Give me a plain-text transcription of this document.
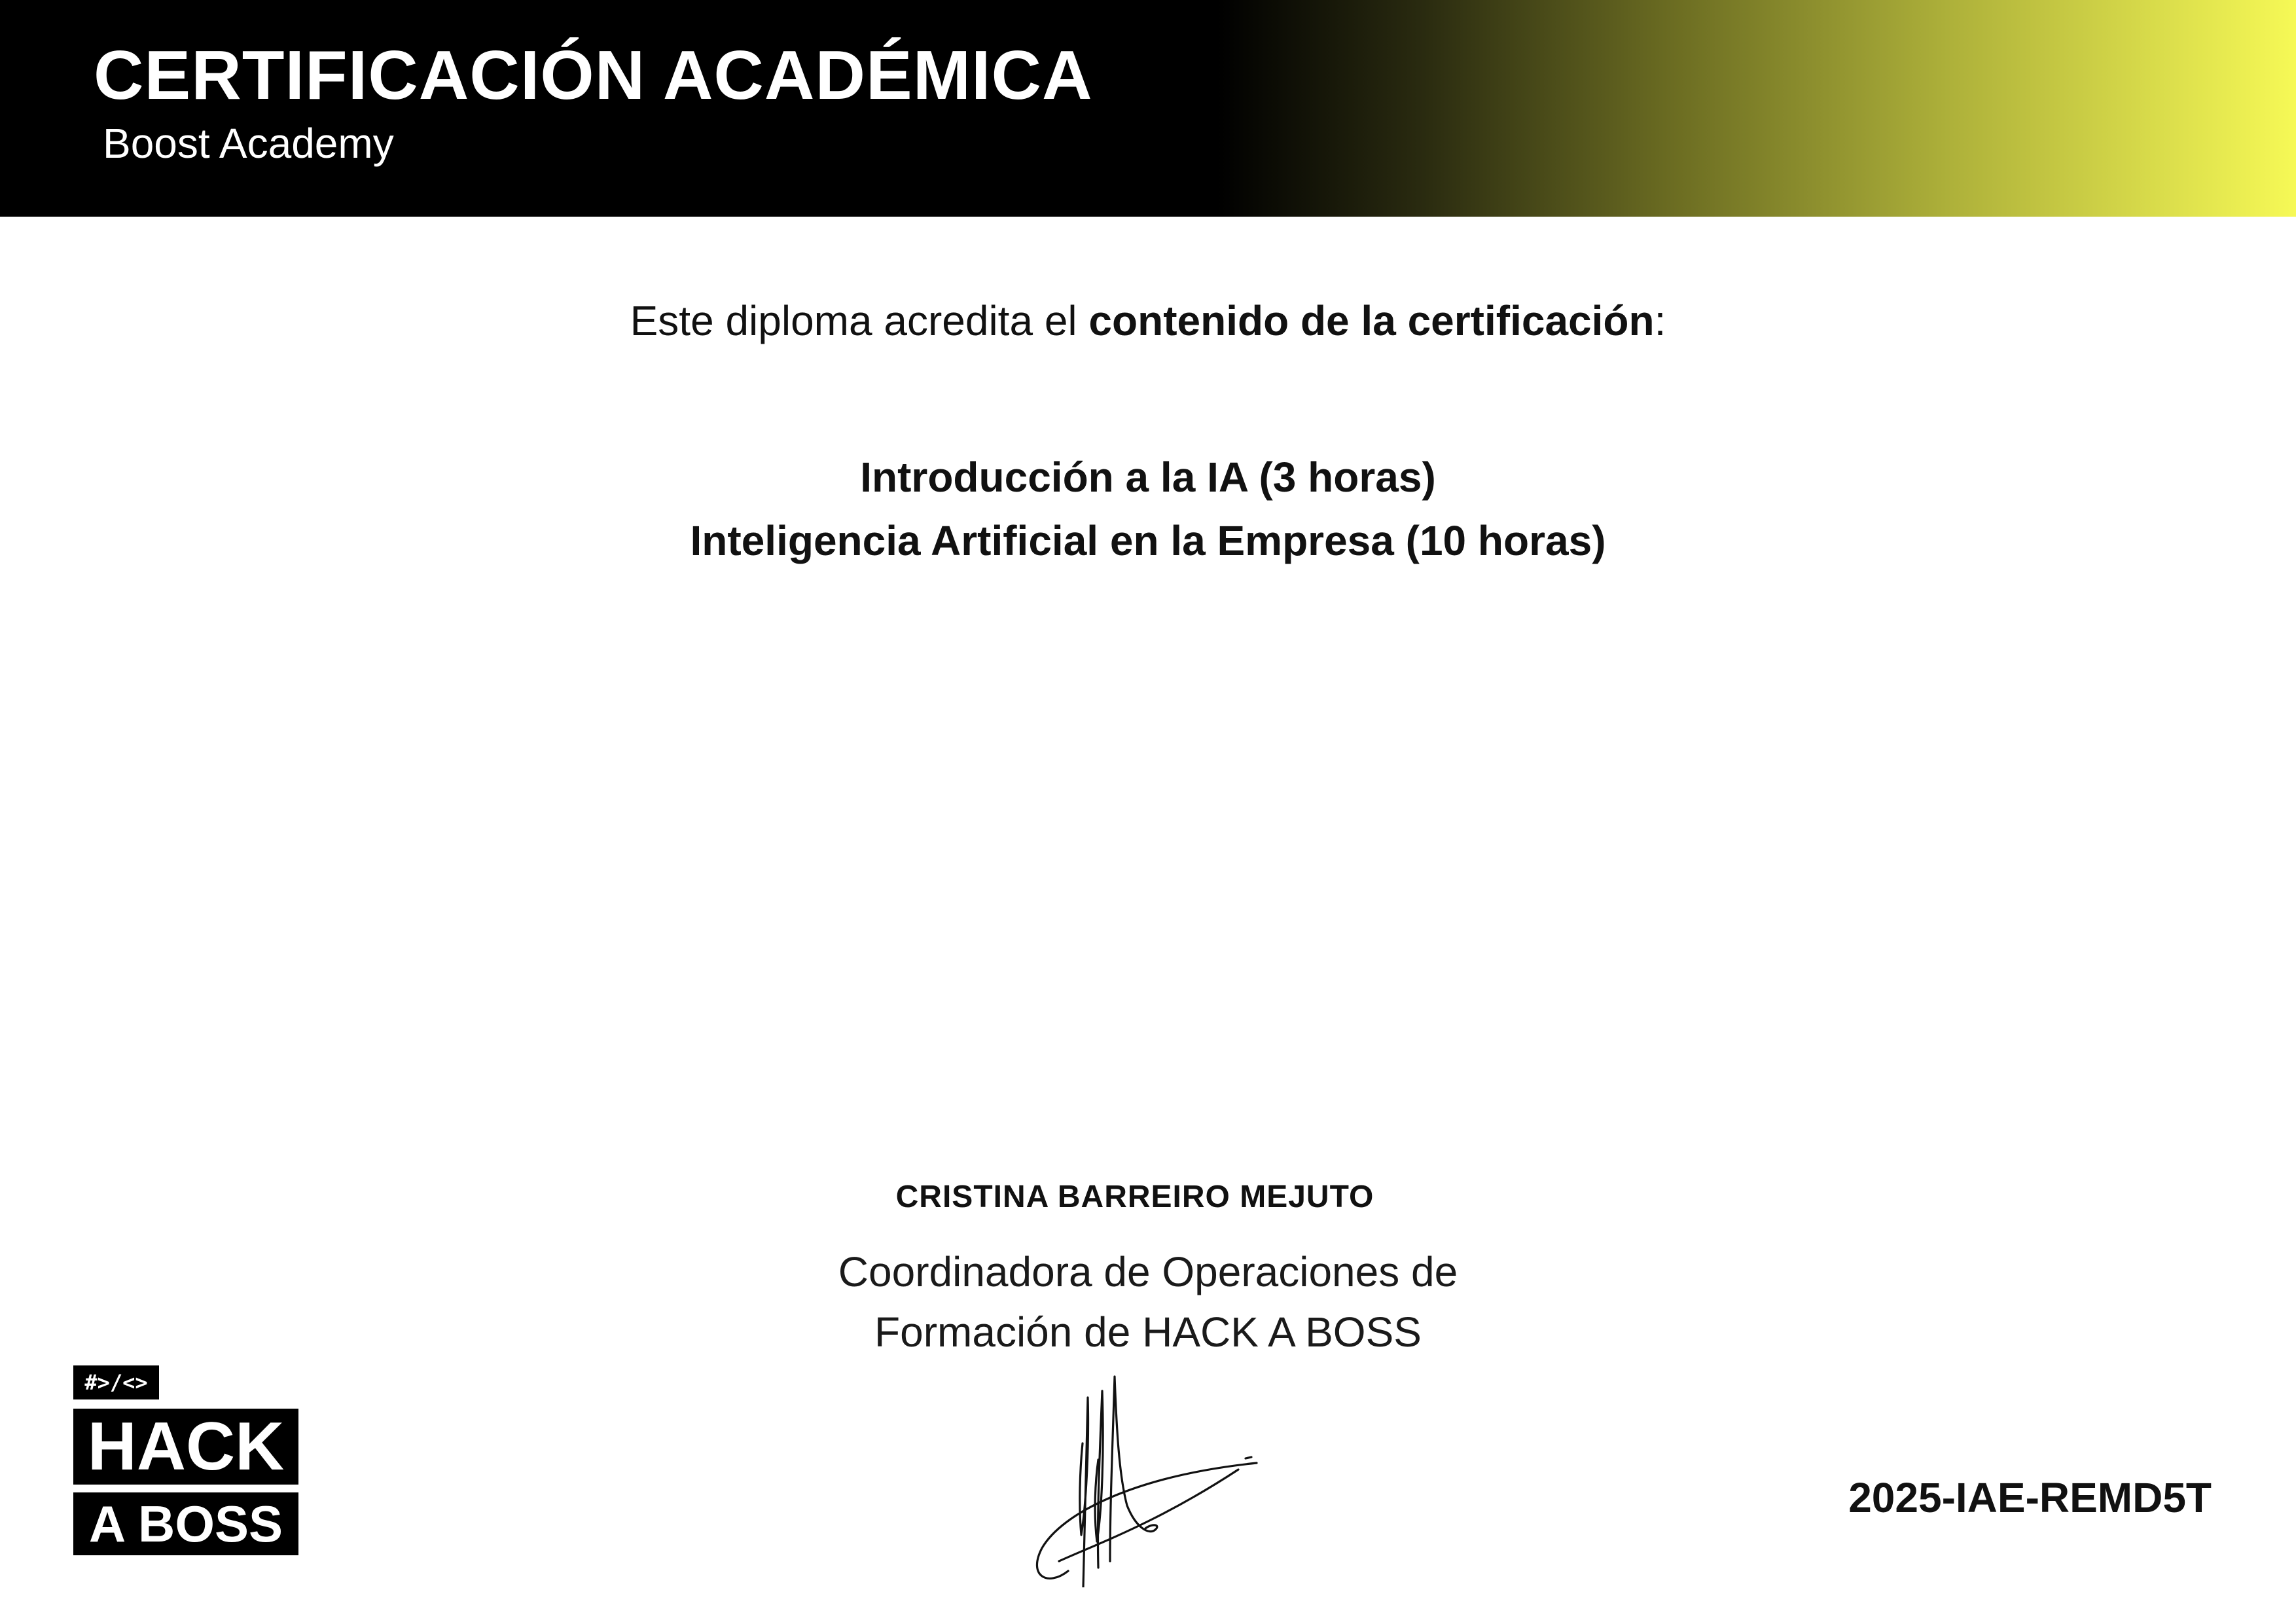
CERTIFICACIÓN ACADÉMICA
Boost Academy
Este diploma acredita el contenido de la certificación:
Introducción a la IA (3 horas)
Inteligencia Artificial en la Empresa (10 horas)
CRISTINA BARREIRO MEJUTO
Coordinadora de Operaciones de
Formación de HACK A BOSS
#>/<>
HACK
A BOSS	2025-IAE-REMD5T
